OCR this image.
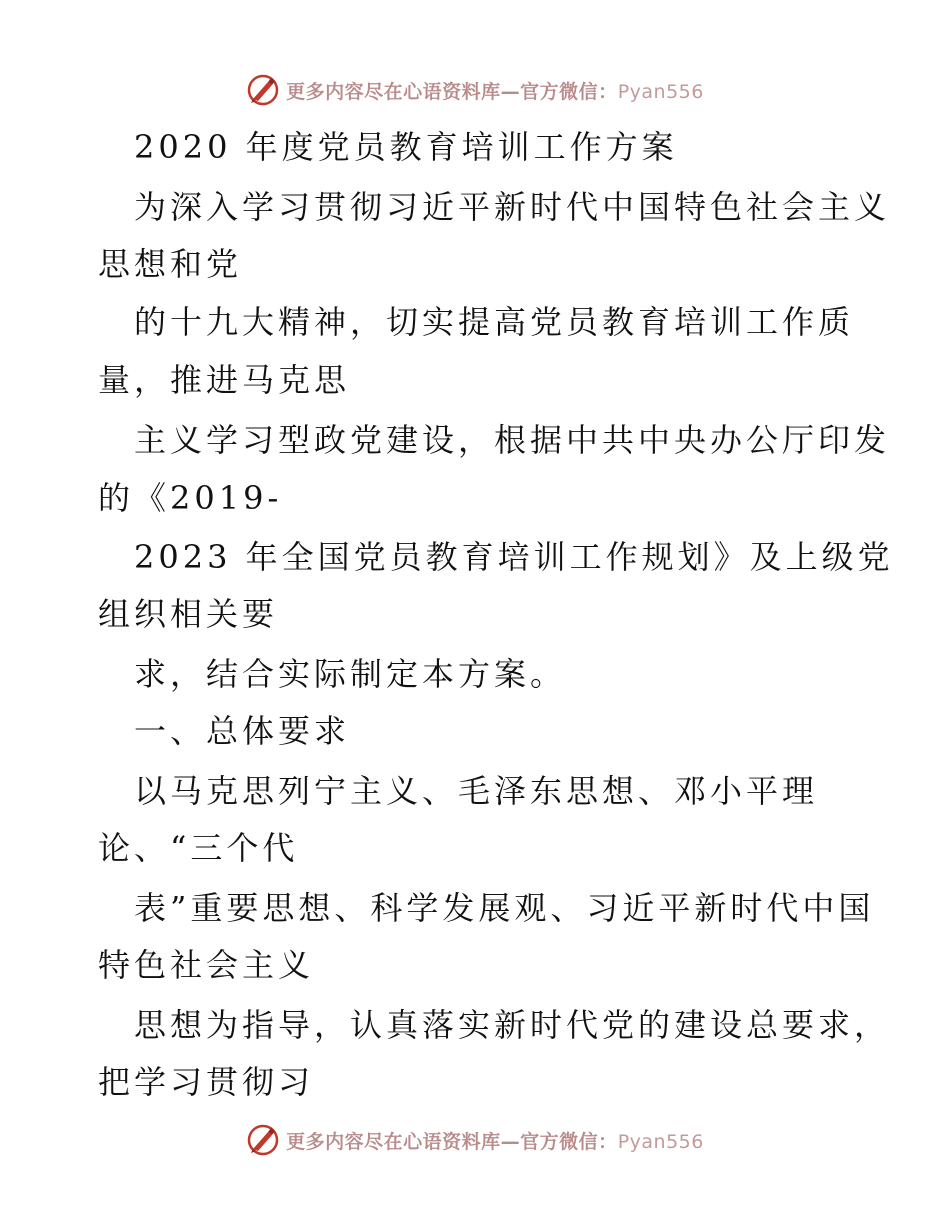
更多内容尽在心语资料库—官方微信：Pyan556
2020 年度党员教育培训工作方案
为深入学习贯彻习近平新时代中国特色社会主义
思想和党
的十九大精神，切实提高党员教育培训工作质
量，推进马克思
主义学习型政党建设，根据中共中央办公厅印发
的《2019-
2023 年全国党员教育培训工作规划》及上级党
组织相关要
求，结合实际制定本方案。
一、总体要求
以马克思列宁主义、毛泽东思想、邓小平理
论、“三个代
表”重要思想、科学发展观、习近平新时代中国
特色社会主义
思想为指导，认真落实新时代党的建设总要求，
把学习贯彻习
更多内容尽在心语资料库—官方微信：Pyan556
